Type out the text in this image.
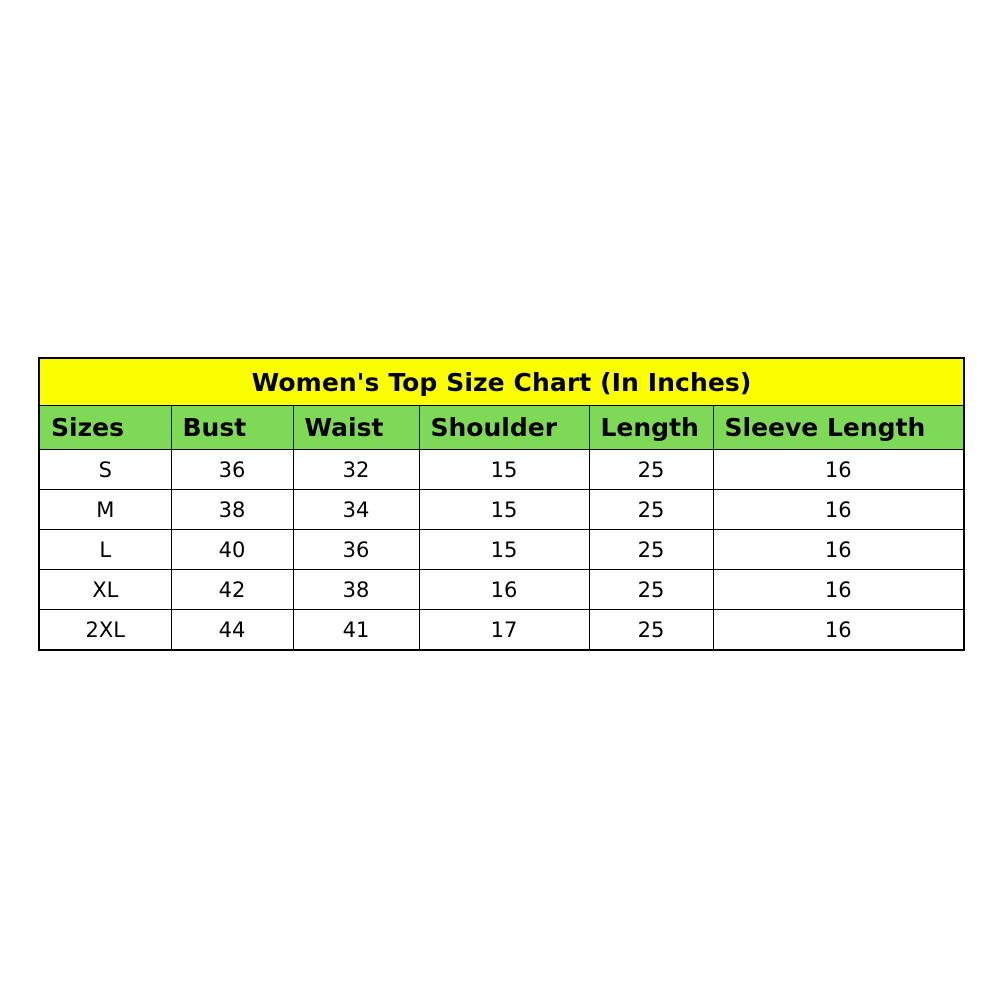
Women's Top Size Chart (In Inches)					
Sizes	Bust	Waist	Shoulder	Length	Sleeve Length
S	36	32	15	25	16
M	38	34	15	25	16
L	40	36	15	25	16
XL	42	38	16	25	16
2XL	44	41	17	25	16
